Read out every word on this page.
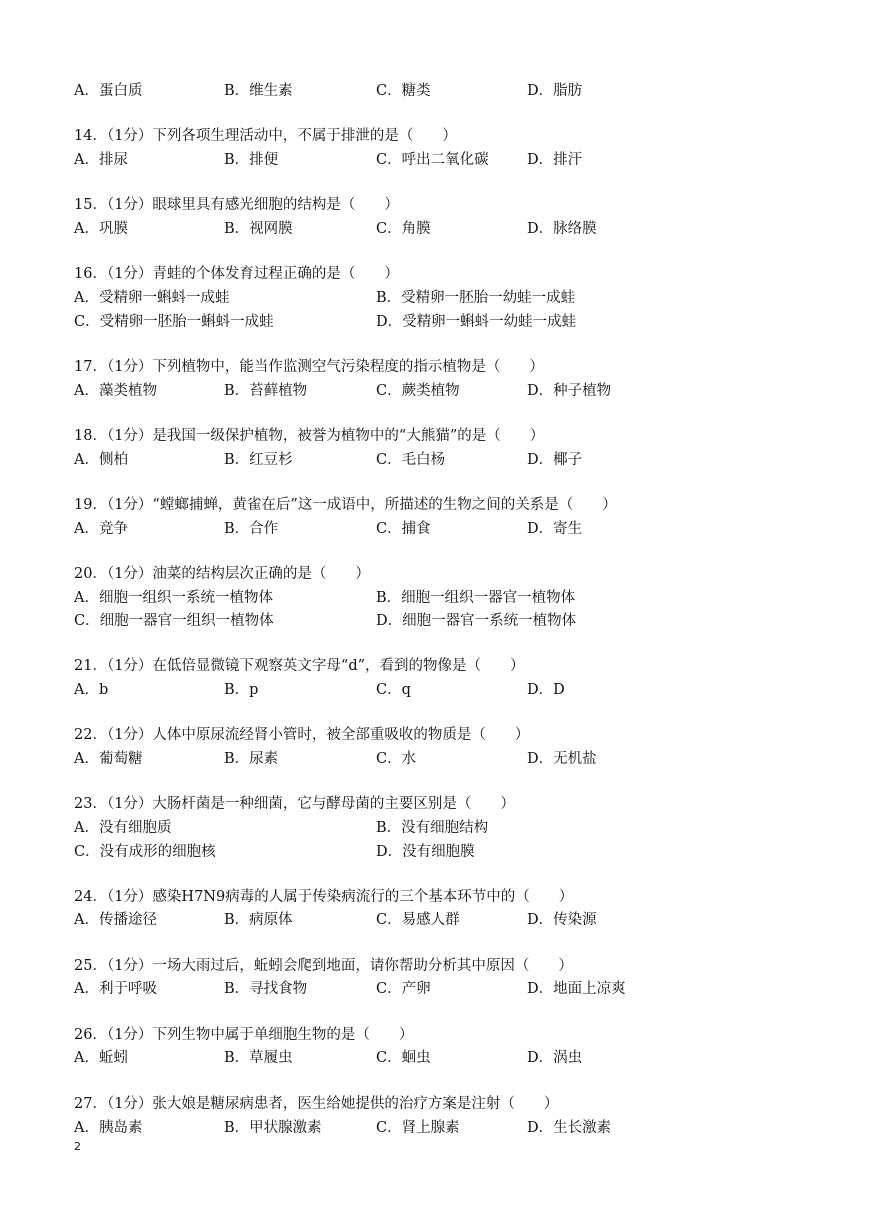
A．蛋白质	B．维生素	C．糖类	D．脂肪
14．（1分）下列各项生理活动中，不属于排泄的是（　　）
A．排尿	B．排便	C．呼出二氧化碳	D．排汗
15．（1分）眼球里具有感光细胞的结构是（　　）
A．巩膜	B．视网膜	C．角膜	D．脉络膜
16．（1分）青蛙的个体发育过程正确的是（　　）
A．受精卵一蝌蚪一成蛙	B．受精卵一胚胎一幼蛙一成蛙
C．受精卵一胚胎一蝌蚪一成蛙	D．受精卵一蝌蚪一幼蛙一成蛙
17．（1分）下列植物中，能当作监测空气污染程度的指示植物是（　　）
A．藻类植物	B．苔藓植物	C．蕨类植物	D．种子植物
18．（1分）是我国一级保护植物，被誉为植物中的“大熊猫”的是（　　）
A．侧柏	B．红豆杉	C．毛白杨	D．椰子
19．（1分）“螳螂捕蝉，黄雀在后”这一成语中，所描述的生物之间的关系是（　　）
A．竞争	B．合作	C．捕食	D．寄生
20．（1分）油菜的结构层次正确的是（　　）
A．细胞一组织一系统一植物体	B．细胞一组织一器官一植物体
C．细胞一器官一组织一植物体	D．细胞一器官一系统一植物体
21．（1分）在低倍显微镜下观察英文字母“d”，看到的物像是（　　）
A．b	B．p	C．q	D．D
22．（1分）人体中原尿流经肾小管时，被全部重吸收的物质是（　　）
A．葡萄糖	B．尿素	C．水	D．无机盐
23．（1分）大肠杆菌是一种细菌，它与酵母菌的主要区别是（　　）
A．没有细胞质	B．没有细胞结构
C．没有成形的细胞核	D．没有细胞膜
24．（1分）感染H7N9病毒的人属于传染病流行的三个基本环节中的（　　）
A．传播途径	B．病原体	C．易感人群	D．传染源
25．（1分）一场大雨过后，蚯蚓会爬到地面，请你帮助分析其中原因（　　）
A．利于呼吸	B．寻找食物	C．产卵	D．地面上凉爽
26．（1分）下列生物中属于单细胞生物的是（　　）
A．蚯蚓	B．草履虫	C．蛔虫	D．涡虫
27．（1分）张大娘是糖尿病患者，医生给她提供的治疗方案是注射（　　）
A．胰岛素	B．甲状腺激素	C．肾上腺素	D．生长激素
2
